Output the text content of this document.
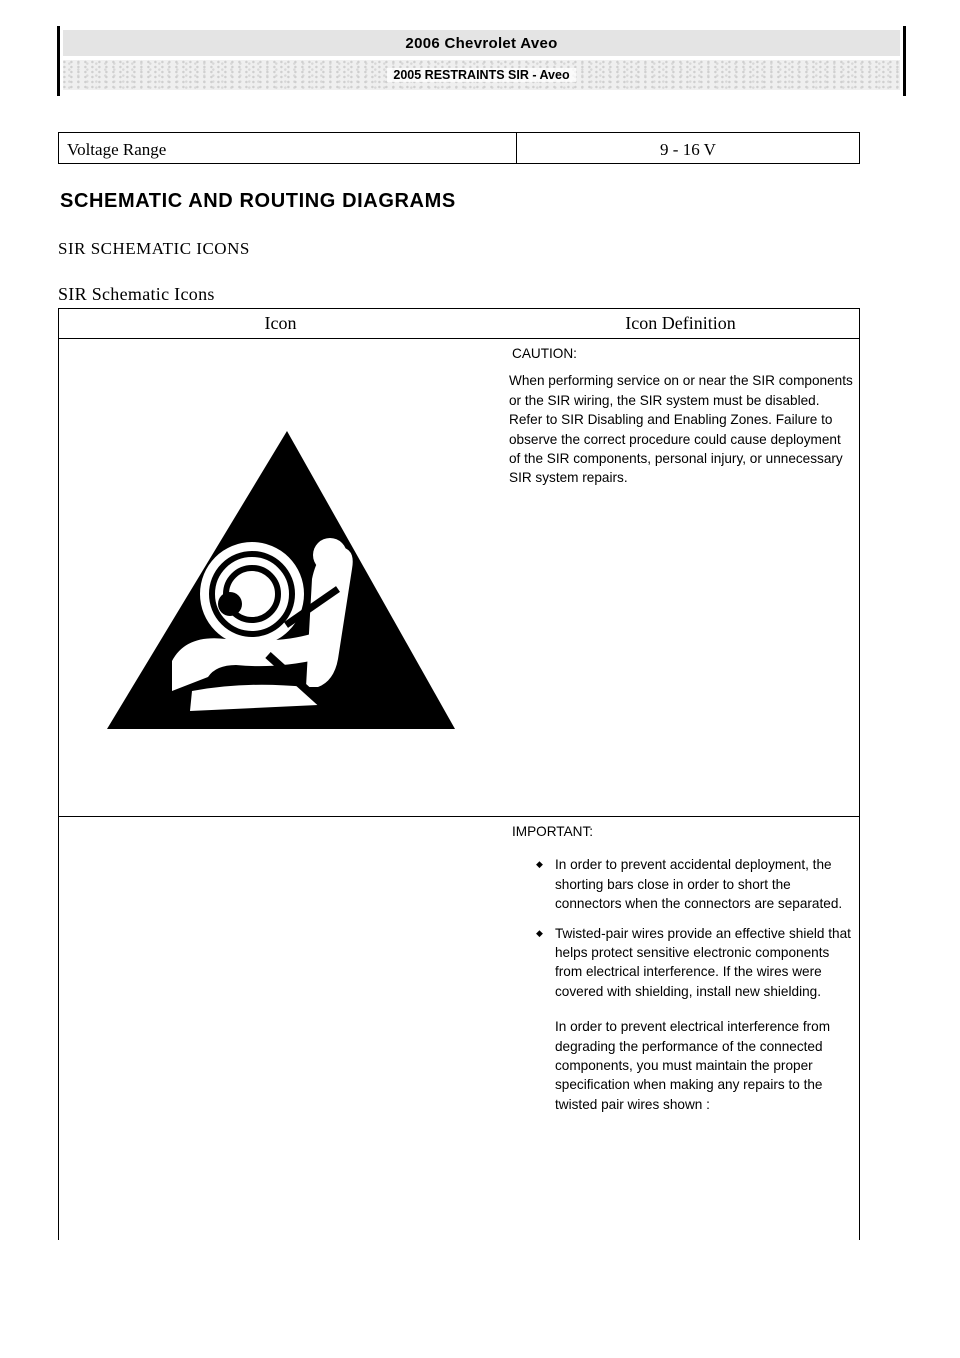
2006 Chevrolet Aveo
2005 RESTRAINTS SIR - Aveo
Voltage Range	9 - 16 V
SCHEMATIC AND ROUTING DIAGRAMS
SIR SCHEMATIC ICONS
SIR Schematic Icons
Icon	Icon Definition
CAUTION:

When performing service on or near the SIR components or the SIR wiring, the SIR system must be disabled. Refer to SIR Disabling and Enabling Zones. Failure to observe the correct procedure could cause deployment of the SIR components, personal injury, or unnecessary SIR system repairs.

IMPORTANT:
◆ In order to prevent accidental deployment, the shorting bars close in order to short the connectors when the connectors are separated.
◆ Twisted-pair wires provide an effective shield that helps protect sensitive electronic components from electrical interference. If the wires were covered with shielding, install new shielding.

In order to prevent electrical interference from degrading the performance of the connected components, you must maintain the proper specification when making any repairs to the twisted pair wires shown :
